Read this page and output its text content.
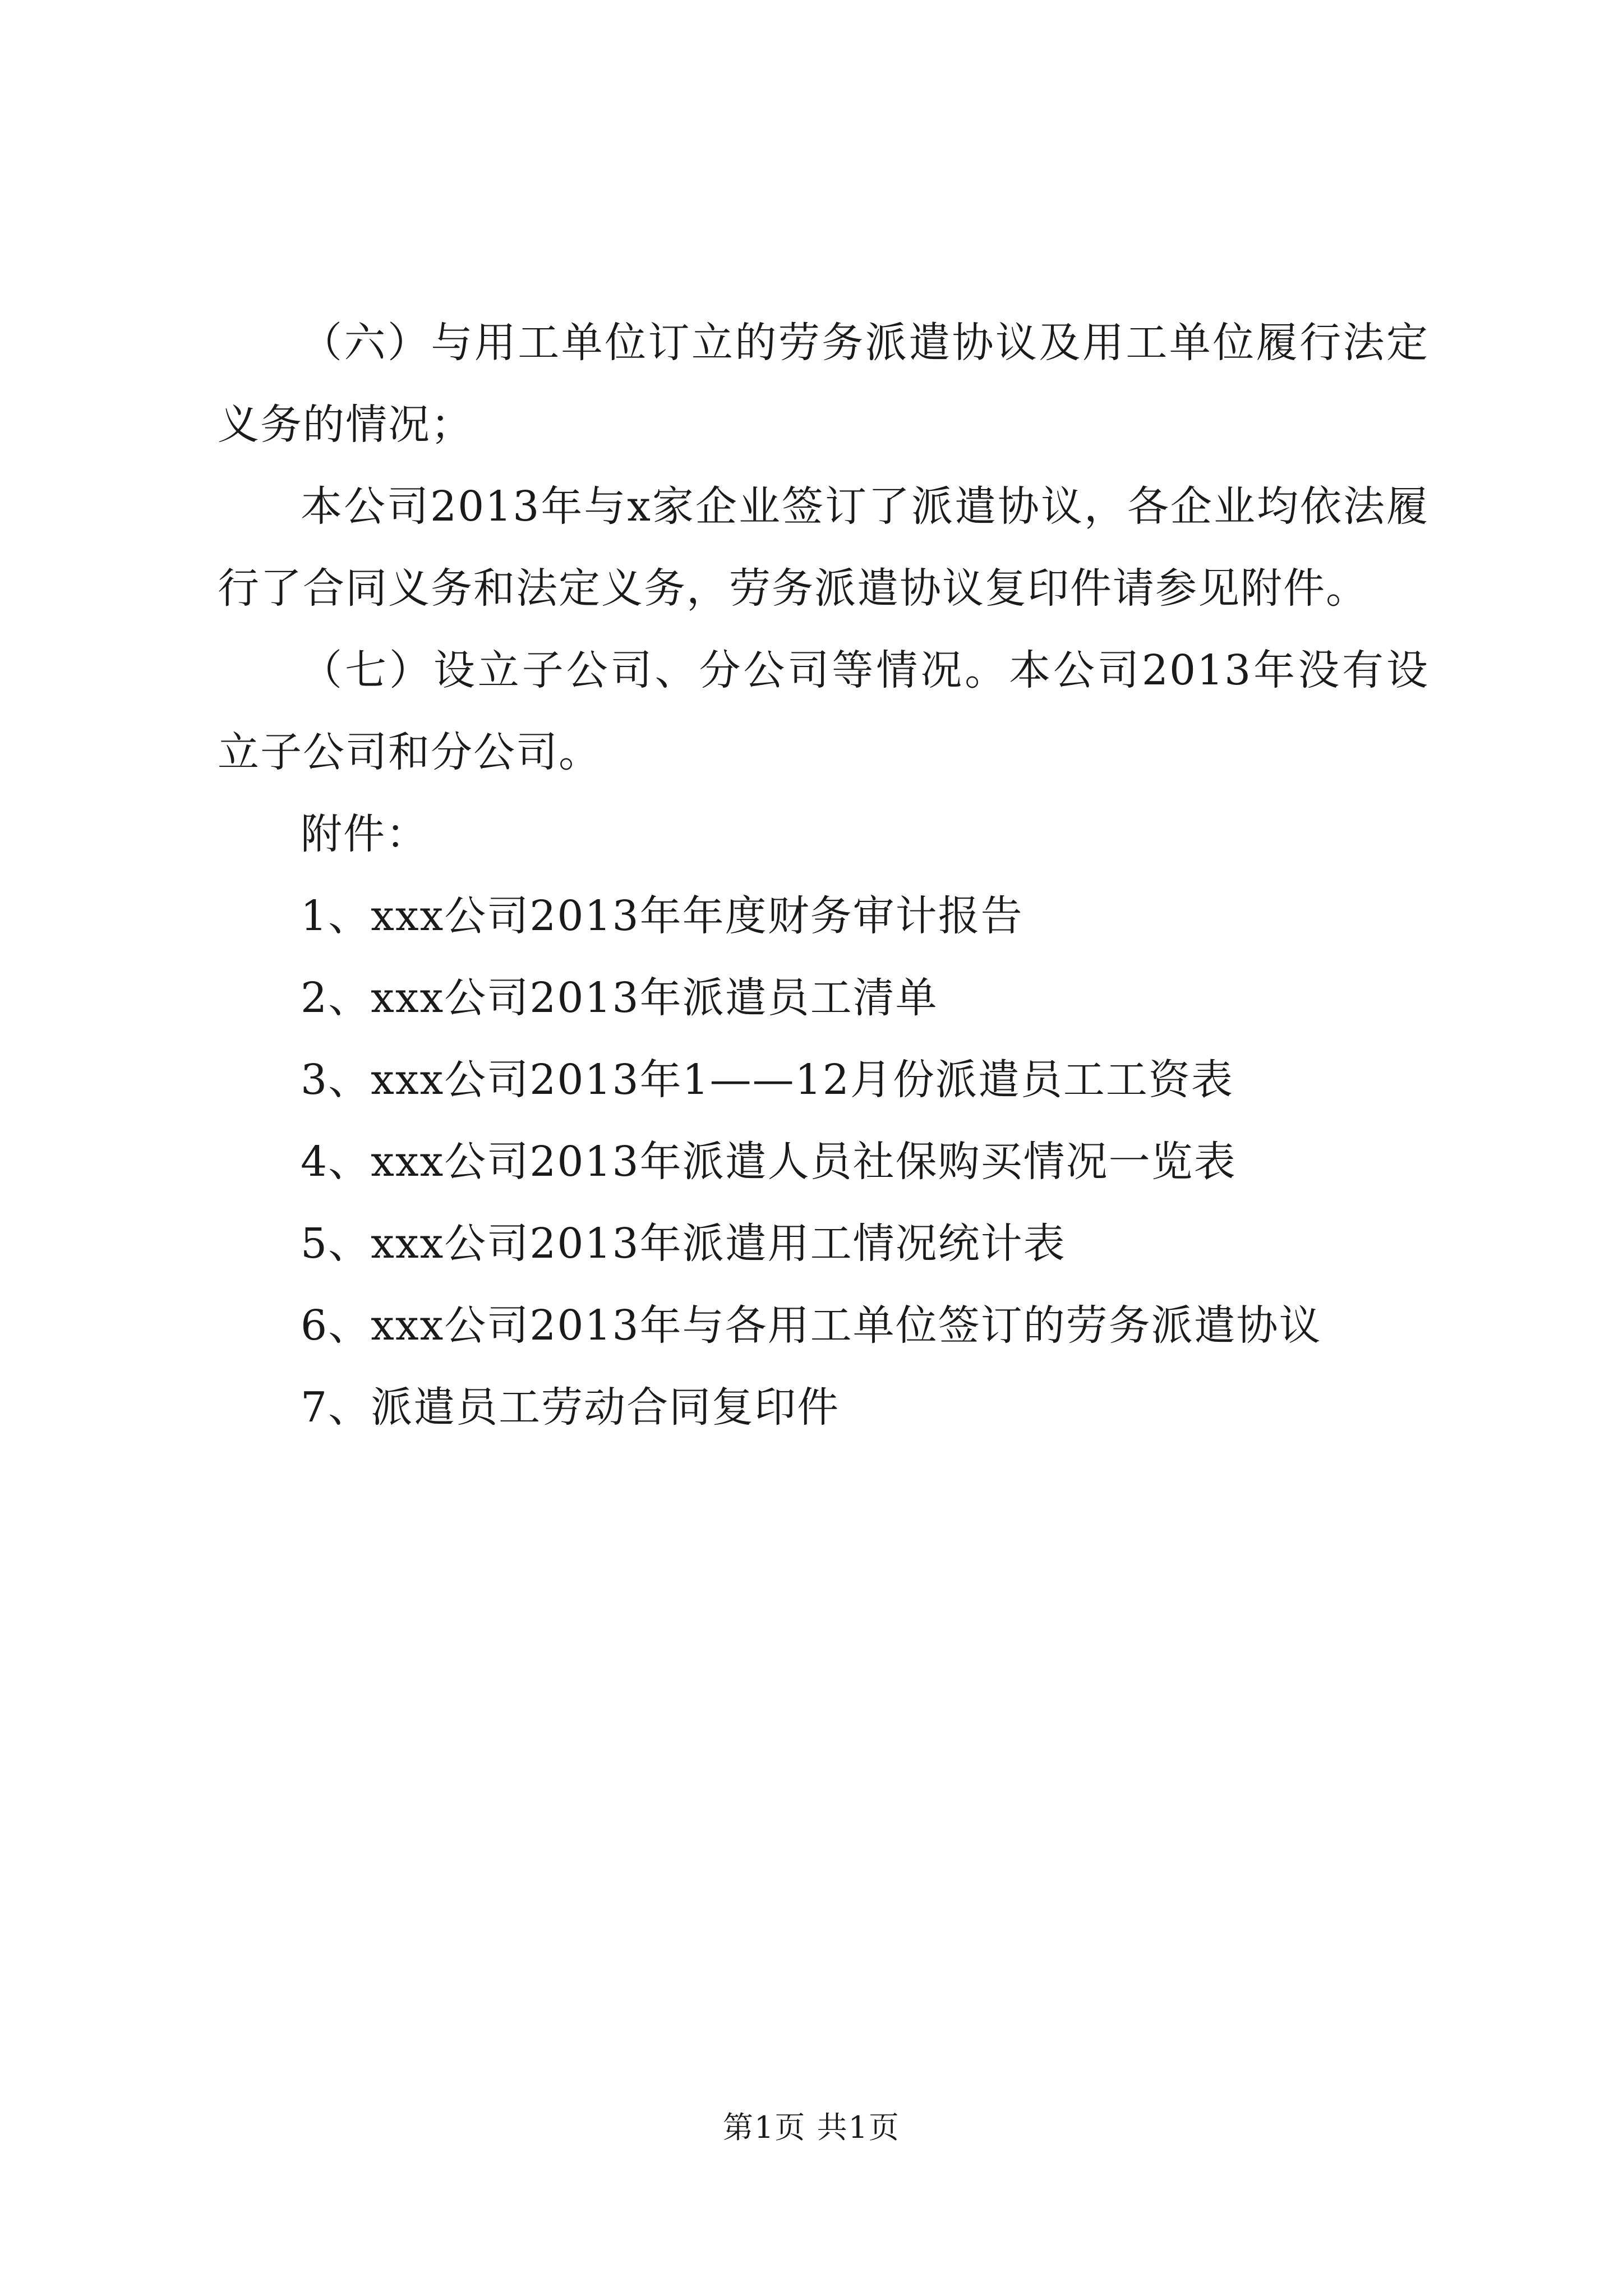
（六）与用工单位订立的劳务派遣协议及用工单位履行法定义务的情况；

本公司2013年与x家企业签订了派遣协议，各企业均依法履行了合同义务和法定义务，劳务派遣协议复印件请参见附件。

（七）设立子公司、分公司等情况。本公司2013年没有设立子公司和分公司。

附件：

1、xxx公司2013年年度财务审计报告
2、xxx公司2013年派遣员工清单
3、xxx公司2013年1——12月份派遣员工工资表
4、xxx公司2013年派遣人员社保购买情况一览表
5、xxx公司2013年派遣用工情况统计表
6、xxx公司2013年与各用工单位签订的劳务派遣协议
7、派遣员工劳动合同复印件
第1页 共1页
